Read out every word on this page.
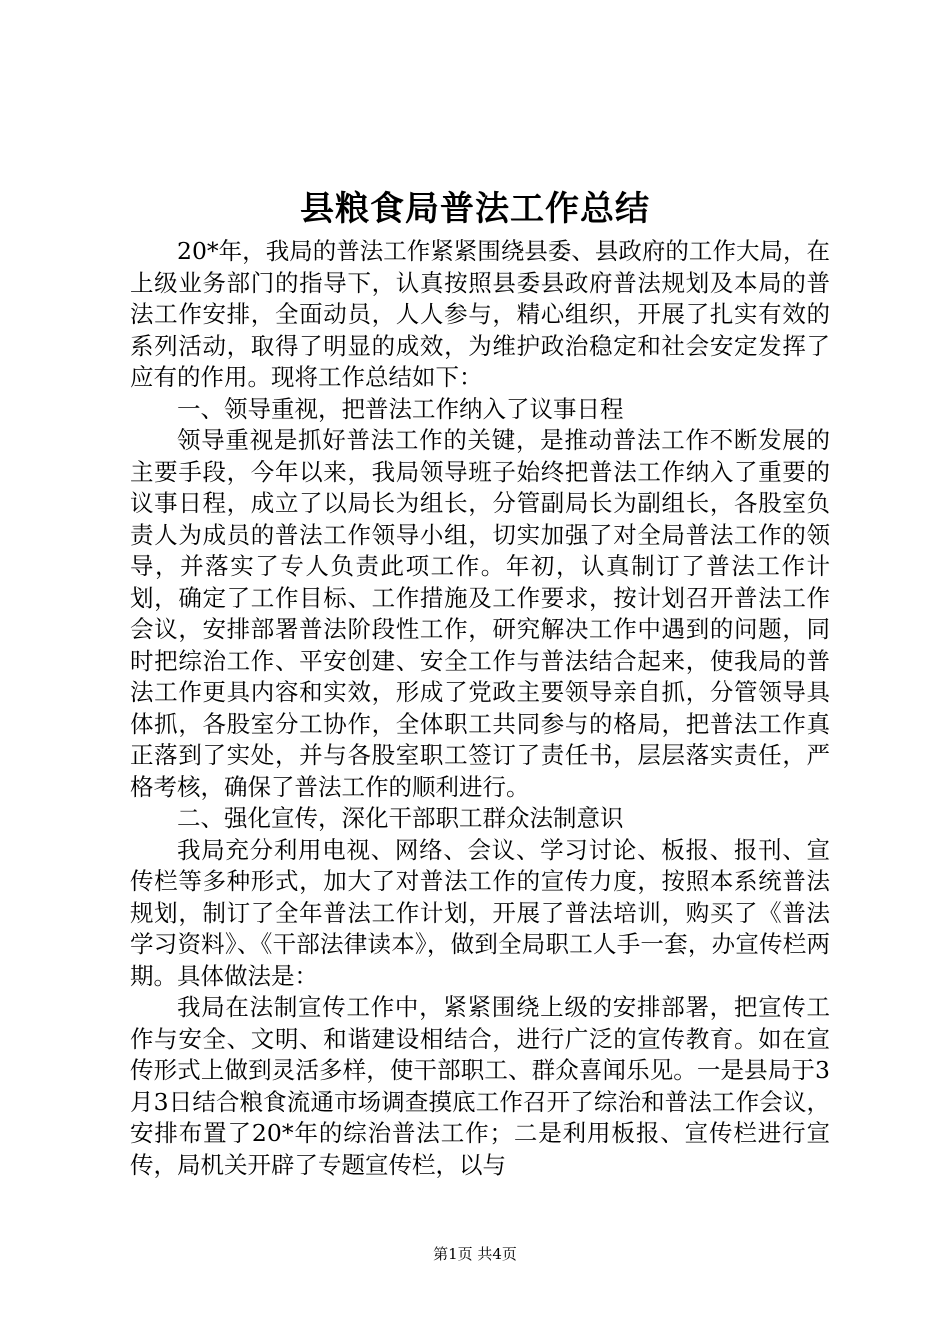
县粮食局普法工作总结

20*年，我局的普法工作紧紧围绕县委、县政府的工作大局，在上级业务部门的指导下，认真按照县委县政府普法规划及本局的普法工作安排，全面动员，人人参与，精心组织，开展了扎实有效的系列活动，取得了明显的成效，为维护政治稳定和社会安定发挥了应有的作用。现将工作总结如下：

一、领导重视，把普法工作纳入了议事日程

领导重视是抓好普法工作的关键，是推动普法工作不断发展的主要手段，今年以来，我局领导班子始终把普法工作纳入了重要的议事日程，成立了以局长为组长，分管副局长为副组长，各股室负责人为成员的普法工作领导小组，切实加强了对全局普法工作的领导，并落实了专人负责此项工作。年初，认真制订了普法工作计划，确定了工作目标、工作措施及工作要求，按计划召开普法工作会议，安排部署普法阶段性工作，研究解决工作中遇到的问题，同时把综治工作、平安创建、安全工作与普法结合起来，使我局的普法工作更具内容和实效，形成了党政主要领导亲自抓，分管领导具体抓，各股室分工协作，全体职工共同参与的格局，把普法工作真正落到了实处，并与各股室职工签订了责任书，层层落实责任，严格考核，确保了普法工作的顺利进行。

二、强化宣传，深化干部职工群众法制意识

我局充分利用电视、网络、会议、学习讨论、板报、报刊、宣传栏等多种形式，加大了对普法工作的宣传力度，按照本系统普法规划，制订了全年普法工作计划，开展了普法培训，购买了《普法学习资料》、《干部法律读本》，做到全局职工人手一套，办宣传栏两期。具体做法是：

我局在法制宣传工作中，紧紧围绕上级的安排部署，把宣传工作与安全、文明、和谐建设相结合，进行广泛的宣传教育。如在宣传形式上做到灵活多样，使干部职工、群众喜闻乐见。一是县局于3月3日结合粮食流通市场调查摸底工作召开了综治和普法工作会议，安排布置了20*年的综治普法工作；二是利用板报、宣传栏进行宣传，局机关开辟了专题宣传栏，以与

第1页 共4页
